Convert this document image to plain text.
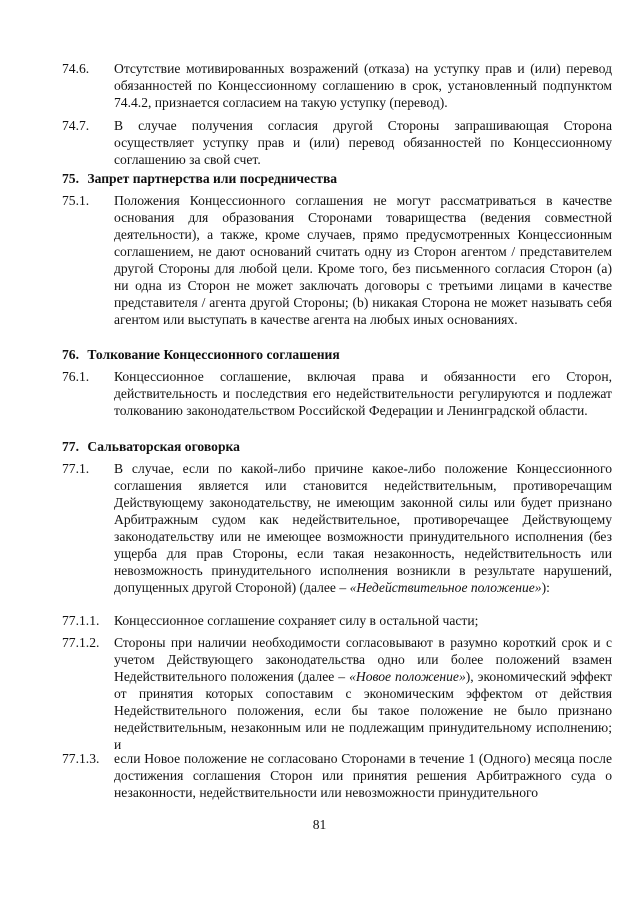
74.6. Отсутствие мотивированных возражений (отказа) на уступку прав и (или) перевод обязанностей по Концессионному соглашению в срок, установленный подпунктом 74.4.2, признается согласием на такую уступку (перевод).
74.7. В случае получения согласия другой Стороны запрашивающая Сторона осуществляет уступку прав и (или) перевод обязанностей по Концессионному соглашению за свой счет.
75. Запрет партнерства или посредничества
75.1. Положения Концессионного соглашения не могут рассматриваться в качестве основания для образования Сторонами товарищества (ведения совместной деятельности), а также, кроме случаев, прямо предусмотренных Концессионным соглашением, не дают оснований считать одну из Сторон агентом / представителем другой Стороны для любой цели. Кроме того, без письменного согласия Сторон (a) ни одна из Сторон не может заключать договоры с третьими лицами в качестве представителя / агента другой Стороны; (b) никакая Сторона не может называть себя агентом или выступать в качестве агента на любых иных основаниях.
76. Толкование Концессионного соглашения
76.1. Концессионное соглашение, включая права и обязанности его Сторон, действительность и последствия его недействительности регулируются и подлежат толкованию законодательством Российской Федерации и Ленинградской области.
77. Сальваторская оговорка
77.1. В случае, если по какой-либо причине какое-либо положение Концессионного соглашения является или становится недействительным, противоречащим Действующему законодательству, не имеющим законной силы или будет признано Арбитражным судом как недействительное, противоречащее Действующему законодательству или не имеющее возможности принудительного исполнения (без ущерба для прав Стороны, если такая незаконность, недействительность или невозможность принудительного исполнения возникли в результате нарушений, допущенных другой Стороной) (далее – «Недействительное положение»):
77.1.1. Концессионное соглашение сохраняет силу в остальной части;
77.1.2. Стороны при наличии необходимости согласовывают в разумно короткий срок и с учетом Действующего законодательства одно или более положений взамен Недействительного положения (далее – «Новое положение»), экономический эффект от принятия которых сопоставим с экономическим эффектом от действия Недействительного положения, если бы такое положение не было признано недействительным, незаконным или не подлежащим принудительному исполнению; и
77.1.3. если Новое положение не согласовано Сторонами в течение 1 (Одного) месяца после достижения соглашения Сторон или принятия решения Арбитражного суда о незаконности, недействительности или невозможности принудительного
81
